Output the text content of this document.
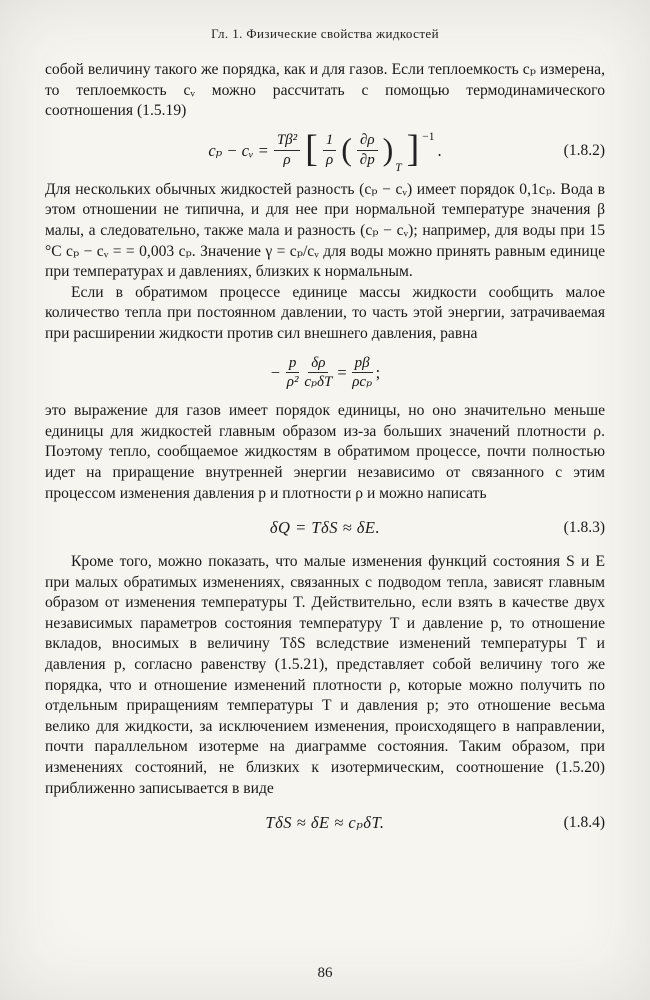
Гл. 1. Физические свойства жидкостей

собой величину такого же порядка, как и для газов. Если теплоемкость cₚ измерена, то теплоемкость cᵥ можно рассчитать с помощью термодинамического соотношения (1.5.19)

cₚ − cᵥ = $\frac{\text{Tβ²}}{\rho}$ [ $\frac{1}{\rho}$ ( $\frac{\partial\rho}{\partial p}$ )
T ] −1
.	(1.8.2)

Для нескольких обычных жидкостей разность (cₚ − cᵥ) имеет порядок 0,1cₚ. Вода в этом отношении не типична, и для нее при нормальной температуре значения β малы, а следовательно, также мала и разность (cₚ − cᵥ); например, для воды при 15 °C cₚ − cᵥ = = 0,003 cₚ. Значение γ = cₚ/cᵥ для воды можно принять равным единице при температурах и давлениях, близких к нормальным.

Если в обратимом процессе единице массы жидкости сообщить малое количество тепла при постоянном давлении, то часть этой энергии, затрачиваемая при расширении жидкости против сил внешнего давления, равна

− $\frac{p}{\text{ρ²}} \frac{\delta\rho}{\text{cₚδT}} = \frac{p\beta}{\text{ρcₚ}}$ ;

это выражение для газов имеет порядок единицы, но оно значительно меньше единицы для жидкостей главным образом из-за больших значений плотности ρ. Поэтому тепло, сообщаемое жидкостям в обратимом процессе, почти полностью идет на приращение внутренней энергии независимо от связанного с этим процессом изменения давления p и плотности ρ и можно написать

δQ = TδS ≈ δE.	(1.8.3)

Кроме того, можно показать, что малые изменения функций состояния S и E при малых обратимых изменениях, связанных с подводом тепла, зависят главным образом от изменения температуры T. Действительно, если взять в качестве двух независимых параметров состояния температуру T и давление p, то отношение вкладов, вносимых в величину TδS вследствие изменений температуры T и давления p, согласно равенству (1.5.21), представляет собой величину того же порядка, что и отношение изменений плотности ρ, которые можно получить по отдельным приращениям температуры T и давления p; это отношение весьма велико для жидкости, за исключением изменения, происходящего в направлении, почти параллельном изотерме на диаграмме состояния. Таким образом, при изменениях состояний, не близких к изотермическим, соотношение (1.5.20) приближенно записывается в виде

TδS ≈ δE ≈ cₚδT.	(1.8.4)
86
